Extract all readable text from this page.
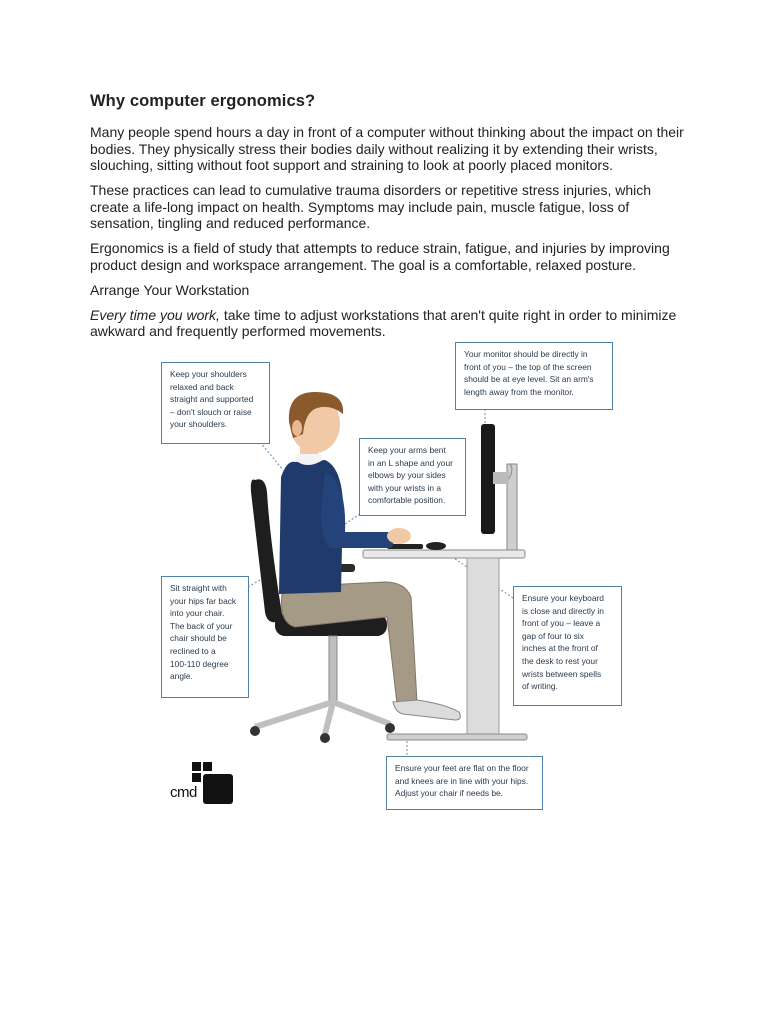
Why computer ergonomics?

Many people spend hours a day in front of a computer without thinking about the impact on their bodies. They physically stress their bodies daily without realizing it by extending their wrists, slouching, sitting without foot support and straining to look at poorly placed monitors.

These practices can lead to cumulative trauma disorders or repetitive stress injuries, which create a life-long impact on health. Symptoms may include pain, muscle fatigue, loss of sensation, tingling and reduced performance.

Ergonomics is a field of study that attempts to reduce strain, fatigue, and injuries by improving product design and workspace arrangement. The goal is a comfortable, relaxed posture.

Arrange Your Workstation

Every time you work, take time to adjust workstations that aren't quite right in order to minimize awkward and frequently performed movements.

Keep your shoulders
relaxed and back
straight and supported
– don't slouch or raise
your shoulders.
Your monitor should be directly in
front of you – the top of the screen
should be at eye level. Sit an arm's
length away from the monitor.
Keep your arms bent
in an L shape and your
elbows by your sides
with your wrists in a
comfortable position.
Sit straight with
your hips far back
into your chair.
The back of your
chair should be
reclined to a
100-110 degree
angle.
Ensure your keyboard
is close and directly in
front of you – leave a
gap of four to six
inches at the front of
the desk to rest your
wrists between spells
of writing.
Ensure your feet are flat on the floor
and knees are in line with your hips.
Adjust your chair if needs be.
cmd
